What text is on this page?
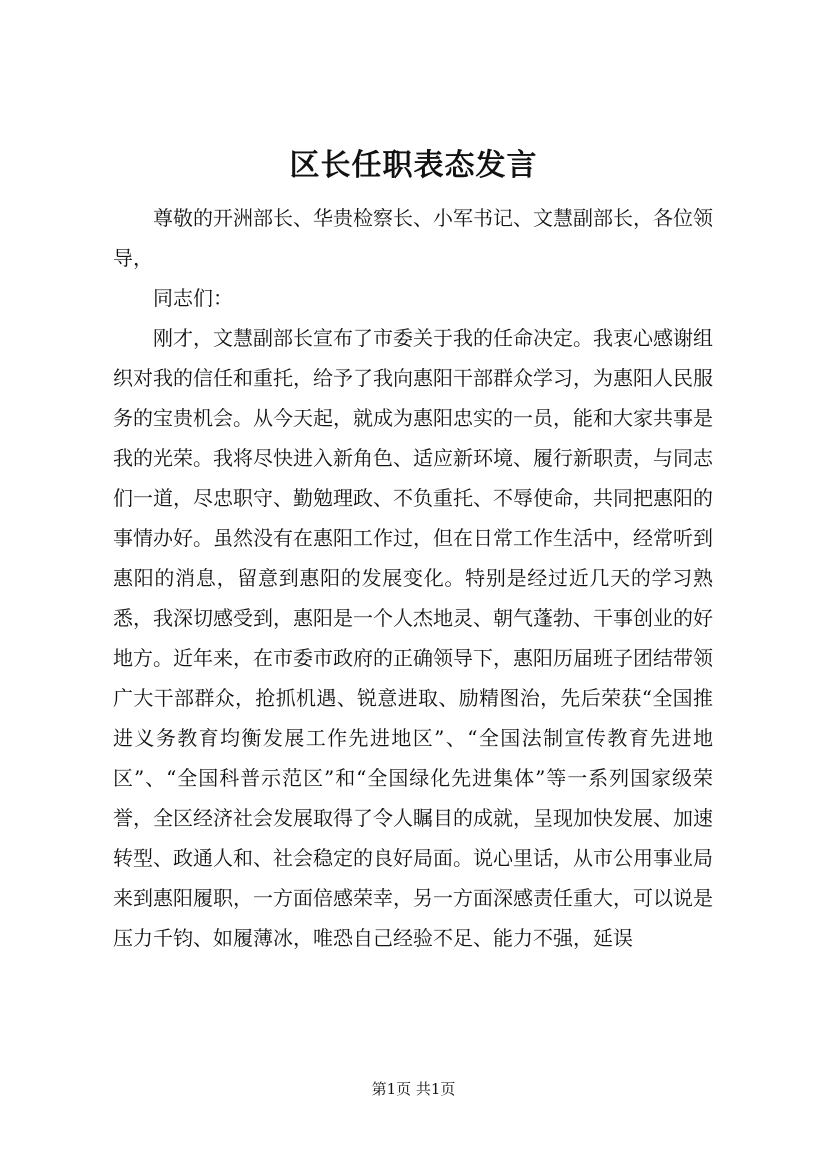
区长任职表态发言

尊敬的开洲部长、华贵检察长、小军书记、文慧副部长，各位领导，

同志们：

刚才，文慧副部长宣布了市委关于我的任命决定。我衷心感谢组织对我的信任和重托，给予了我向惠阳干部群众学习，为惠阳人民服务的宝贵机会。从今天起，就成为惠阳忠实的一员，能和大家共事是我的光荣。我将尽快进入新角色、适应新环境、履行新职责，与同志们一道，尽忠职守、勤勉理政、不负重托、不辱使命，共同把惠阳的事情办好。虽然没有在惠阳工作过，但在日常工作生活中，经常听到惠阳的消息，留意到惠阳的发展变化。特别是经过近几天的学习熟悉，我深切感受到，惠阳是一个人杰地灵、朝气蓬勃、干事创业的好地方。近年来，在市委市政府的正确领导下，惠阳历届班子团结带领广大干部群众，抢抓机遇、锐意进取、励精图治，先后荣获“全国推进义务教育均衡发展工作先进地区”、“全国法制宣传教育先进地区”、“全国科普示范区”和“全国绿化先进集体”等一系列国家级荣誉，全区经济社会发展取得了令人瞩目的成就，呈现加快发展、加速转型、政通人和、社会稳定的良好局面。说心里话，从市公用事业局来到惠阳履职，一方面倍感荣幸，另一方面深感责任重大，可以说是压力千钧、如履薄冰，唯恐自己经验不足、能力不强，延误

第1页 共1页
